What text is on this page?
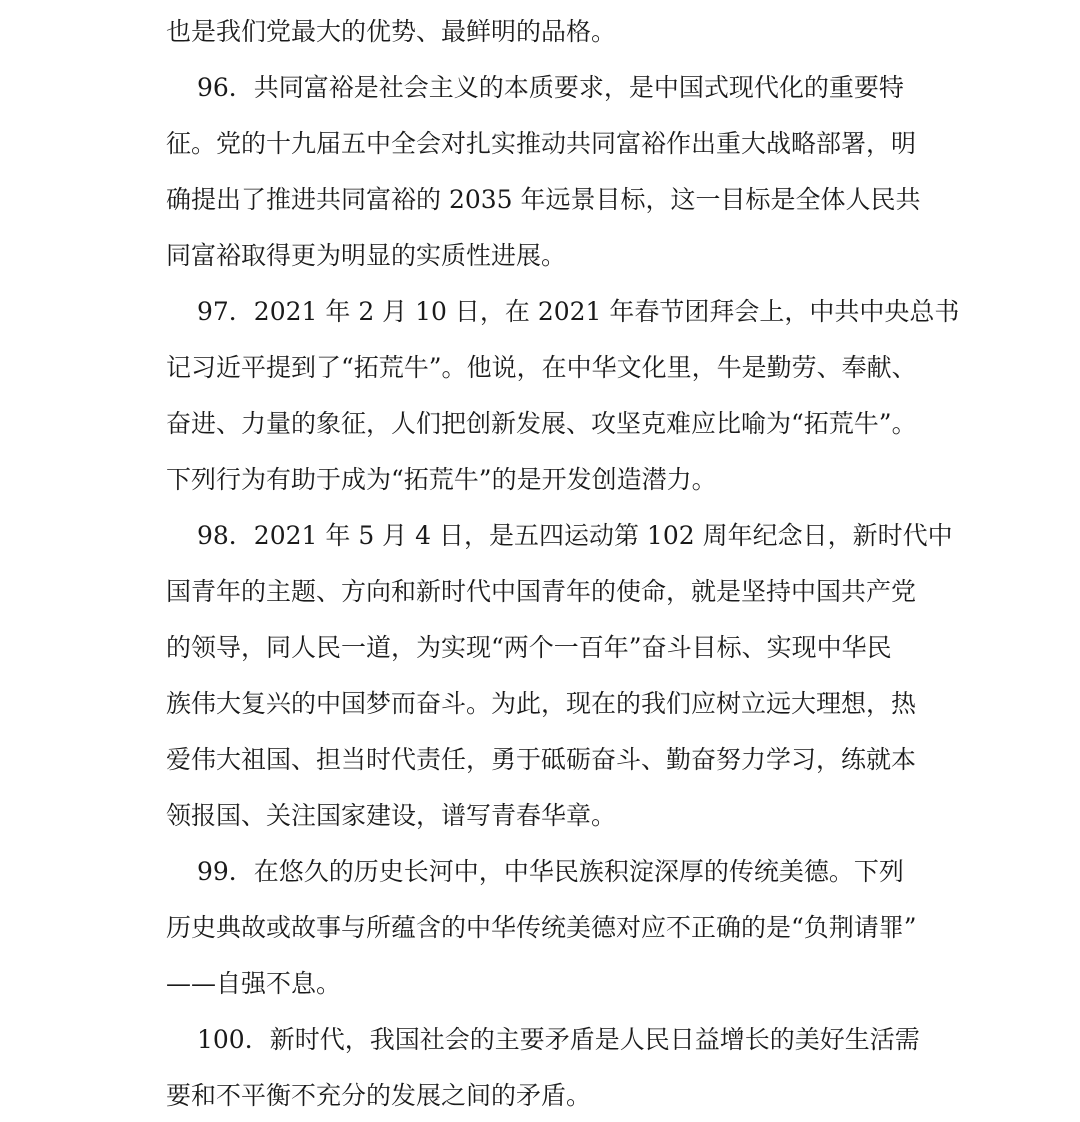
也是我们党最大的优势、最鲜明的品格。
96．共同富裕是社会主义的本质要求，是中国式现代化的重要特
征。党的十九届五中全会对扎实推动共同富裕作出重大战略部署，明
确提出了推进共同富裕的 2035 年远景目标，这一目标是全体人民共
同富裕取得更为明显的实质性进展。
97．2021 年 2 月 10 日，在 2021 年春节团拜会上，中共中央总书
记习近平提到了“拓荒牛”。他说，在中华文化里，牛是勤劳、奉献、
奋进、力量的象征，人们把创新发展、攻坚克难应比喻为“拓荒牛”。
下列行为有助于成为“拓荒牛”的是开发创造潜力。
98．2021 年 5 月 4 日，是五四运动第 102 周年纪念日，新时代中
国青年的主题、方向和新时代中国青年的使命，就是坚持中国共产党
的领导，同人民一道，为实现“两个一百年”奋斗目标、实现中华民
族伟大复兴的中国梦而奋斗。为此，现在的我们应树立远大理想，热
爱伟大祖国、担当时代责任，勇于砥砺奋斗、勤奋努力学习，练就本
领报国、关注国家建设，谱写青春华章。
99．在悠久的历史长河中，中华民族积淀深厚的传统美德。下列
历史典故或故事与所蕴含的中华传统美德对应不正确的是“负荆请罪”
——自强不息。
100．新时代，我国社会的主要矛盾是人民日益增长的美好生活需
要和不平衡不充分的发展之间的矛盾。
